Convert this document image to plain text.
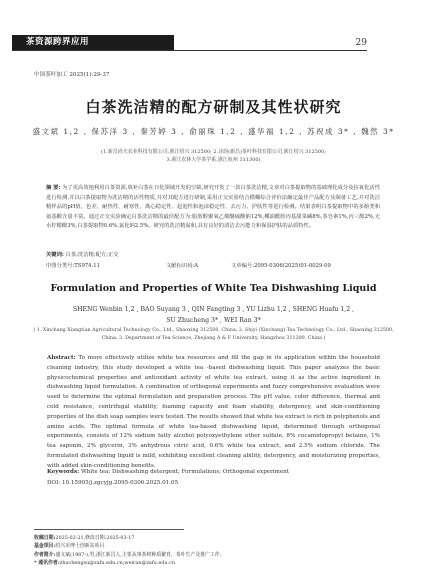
茶资源跨界应用	29
中国茶叶加工 2025(1):29-37
白茶洗洁精的配方研制及其性状研究
盛文斌 1,2 , 保苏洋 3 , 秦芳婷 3 , 俞丽珠 1,2 , 盛华福 1,2 , 苏祝成 3* , 魏然 3*
(1.新昌尚天农业科技有限公司,浙江绍兴 312500; 2.诗韵(新昌)茶叶科技有限公司,浙江绍兴 312500;
3.浙江农林大学茶学系,浙江杭州 311300)
摘 要: 为了更高效地利用白茶资源,填补白茶在日化领域开发的空缺,研究开发了一款白茶洗洁精,文章对白茶提取物的基础理化成分及抗氧化活性进行检测,并以白茶提取物为洗洁精的活性物质,并对其配方进行研制,采用正交实验结合模糊综合评价法确定最佳产品配方及制备工艺,并对洗洁精样品的pH值、色差、耐热性、耐寒性、离心稳定性、起泡性和泡沫稳定性、去污力、护肤性等进行检测。结果表明白茶提取物中的多酚类和氨基酸含量丰富。通过正交实验确定白茶洗洁精的最佳配方为:脂肪醇聚氧乙烯醚硫酸钠12%,椰油酰胺丙基甜菜碱8%,茶皂素1%,丙三醇2%,无水柠檬酸3%,白茶提取物0.6%,氯化钠2.5%。研究的洗洁精温和,具有良好的清洁去污能力和保湿护肤的品质特性。
关键词: 白茶;洗洁精;配方;正交
中图分类号:TS974.11	文献标识码:A	文章编号:2095-0306(2025)01-0029-09
Formulation and Properties of White Tea Dishwashing Liquid
SHENG Wenbin 1,2 , BAO Suyang 3 , QIN Fangting 3 , YU Lizhu 1,2 , SHENG Huafu 1,2 ,
SU Zhucheng 3* , WEI Ran 3*
( 1. Xinchang Xiangtian Agricultural Technology Co., Ltd., Shaoxing 312500, China; 2. Shiyi (Xinchang) Tea Technology Co., Ltd., Shaoxing 312500, China; 3. Department of Tea Science, Zhejiang A & F University, Hangzhou 311300, China )
Abstract: To more effectively utilize white tea resources and fill the gap in its application within the household cleaning industry, this study developed a white tea -based dishwashing liquid. This paper analyzes the basic physicochemical properties and antioxidant activity of white tea extract, using it as the active ingredient in dishwashing liquid formulation. A combination of orthogonal experiments and fuzzy comprehensive evaluation were used to determine the optimal formulation and preparation process. The pH value, color difference, thermal and cold resistance, centrifugal stability, foaming capacity and foam stability, detergency, and skin-conditioning properties of the dish soap samples were tested. The results showed that white tea extract is rich in polyphenols and amino acids. The optimal formula of white tea-based dishwashing liquid, determined through orthogonal experiments, consists of 12% sodium fatty alcohol polyoxyethylene ether sulfate, 8% cocamidopropyl betaine, 1% tea saponin, 2% glycerin, 3% anhydrous citric acid, 0.6% white tea extract, and 2.5% sodium chloride. The formulated dishwashing liquid is mild, exhibiting excellent cleaning ability, detergency, and moisturizing properties, with added skin-conditioning benefits.
Keywords: White tea; Dishwashing detergent; Formulations; Orthogonal experiment
DOI: 10.15905/j.zgcyjg.2095-0306.2025.01.05
收稿日期:2025-02-21,修改日期:2025-03-17
基金项目:绍兴市博士创新站项目
作者简介:盛文斌(1987-),男,浙江新昌人,主要从事茶树种质繁育、茶叶生产及推广工作。
* 通讯作者:zhuchengsu@zafu.edu.cn;weiran@zafu.edu.cn
